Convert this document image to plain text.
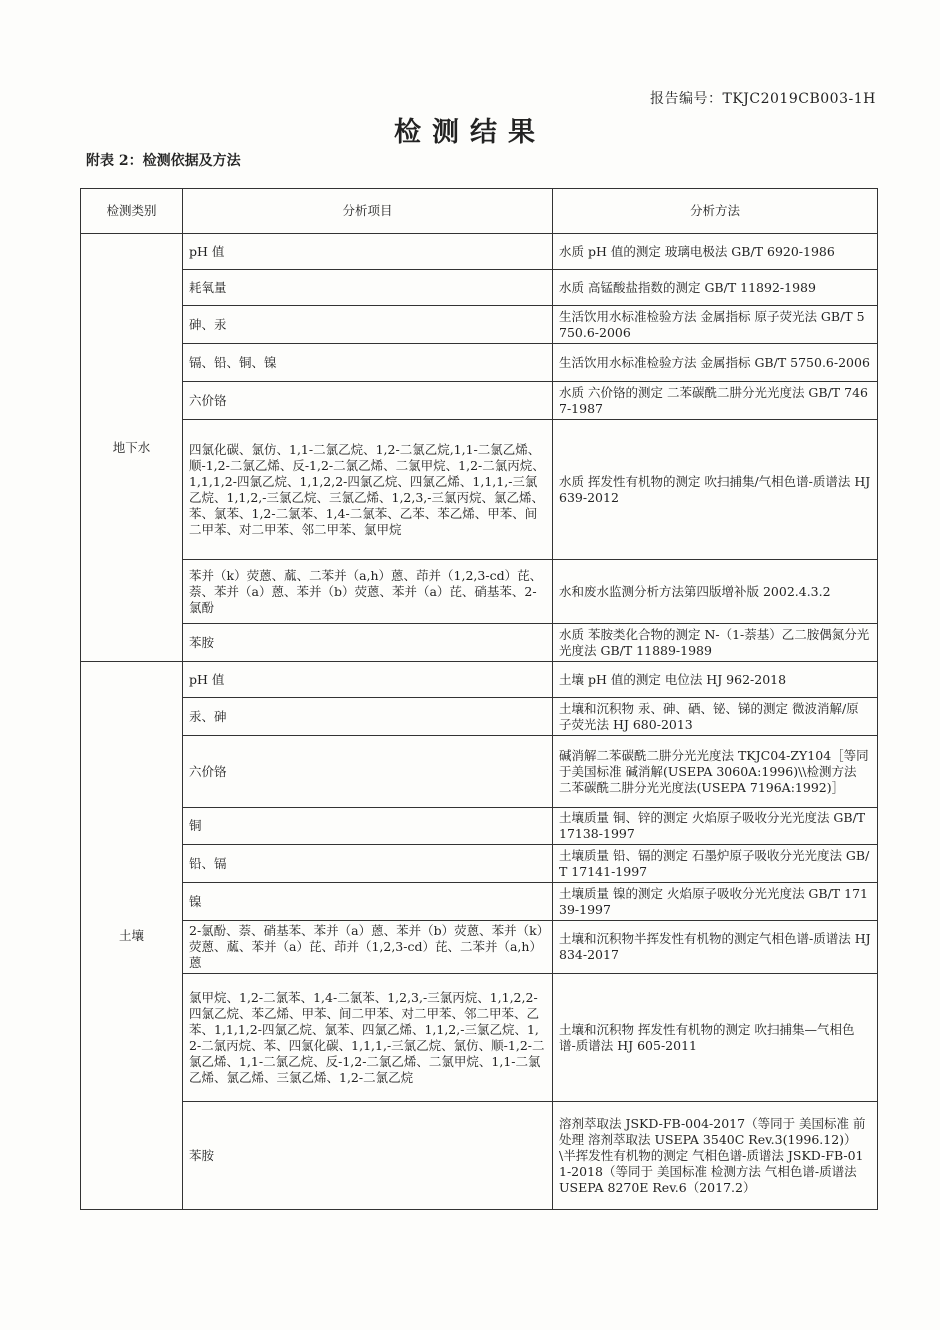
报告编号：TKJC2019CB003-1H
检测结果
附表 2：检测依据及方法
检测类别	分析项目	分析方法
地下水	pH 值	水质 pH 值的测定 玻璃电极法 GB/T 6920-1986
	耗氧量	水质 高锰酸盐指数的测定 GB/T 11892-1989
	砷、汞	生活饮用水标准检验方法 金属指标 原子荧光法 GB/T 5750.6-2006
	镉、铅、铜、镍	生活饮用水标准检验方法 金属指标 GB/T 5750.6-2006
	六价铬	水质 六价铬的测定 二苯碳酰二肼分光光度法 GB/T 7467-1987
	四氯化碳、氯仿、1,1-二氯乙烷、1,2-二氯乙烷,1,1-二氯乙烯、顺-1,2-二氯乙烯、反-1,2-二氯乙烯、二氯甲烷、1,2-二氯丙烷、1,1,1,2-四氯乙烷、1,1,2,2-四氯乙烷、四氯乙烯、1,1,1,-三氯乙烷、1,1,2,-三氯乙烷、三氯乙烯、1,2,3,-三氯丙烷、氯乙烯、苯、氯苯、1,2-二氯苯、1,4-二氯苯、乙苯、苯乙烯、甲苯、间二甲苯、对二甲苯、邻二甲苯、氯甲烷	水质 挥发性有机物的测定 吹扫捕集/气相色谱-质谱法 HJ 639-2012
	苯并（k）荧蒽、蓏、二苯并（a,h）蒽、茚并（1,2,3-cd）芘、萘、苯并（a）蒽、苯并（b）荧蒽、苯并（a）芘、硝基苯、2-氯酚	水和废水监测分析方法第四版增补版 2002.4.3.2
	苯胺	水质 苯胺类化合物的测定 N-（1-萘基）乙二胺偶氮分光光度法 GB/T 11889-1989
土壤	pH 值	土壤 pH 值的测定 电位法 HJ 962-2018
	汞、砷	土壤和沉积物 汞、砷、硒、铋、锑的测定 微波消解/原子荧光法 HJ 680-2013
	六价铬	碱消解二苯碳酰二肼分光光度法 TKJC04-ZY104［等同于美国标准 碱消解(USEPA 3060A:1996)\\检测方法 二苯碳酰二肼分光光度法(USEPA 7196A:1992)］
	铜	土壤质量 铜、锌的测定 火焰原子吸收分光光度法 GB/T 17138-1997
	铅、镉	土壤质量 铅、镉的测定 石墨炉原子吸收分光光度法 GB/T 17141-1997
	镍	土壤质量 镍的测定 火焰原子吸收分光光度法 GB/T 17139-1997
	2-氯酚、萘、硝基苯、苯并（a）蒽、苯并（b）荧蒽、苯并（k）荧蒽、蓏、苯并（a）芘、茚并（1,2,3-cd）芘、二苯并（a,h）蒽	土壤和沉积物半挥发性有机物的测定气相色谱-质谱法 HJ 834-2017
	氯甲烷、1,2-二氯苯、1,4-二氯苯、1,2,3,-三氯丙烷、1,1,2,2-四氯乙烷、苯乙烯、甲苯、间二甲苯、对二甲苯、邻二甲苯、乙苯、1,1,1,2-四氯乙烷、氯苯、四氯乙烯、1,1,2,-三氯乙烷、1,2-二氯丙烷、苯、四氯化碳、1,1,1,-三氯乙烷、氯仿、顺-1,2-二氯乙烯、1,1-二氯乙烷、反-1,2-二氯乙烯、二氯甲烷、1,1-二氯乙烯、氯乙烯、三氯乙烯、1,2-二氯乙烷	土壤和沉积物 挥发性有机物的测定 吹扫捕集—气相色谱-质谱法 HJ 605-2011
	苯胺	溶剂萃取法 JSKD-FB-004-2017（等同于 美国标准 前处理 溶剂萃取法 USEPA 3540C Rev.3(1996.12)）\半挥发性有机物的测定 气相色谱-质谱法 JSKD-FB-011-2018（等同于 美国标准 检测方法 气相色谱-质谱法 USEPA 8270E Rev.6（2017.2）
